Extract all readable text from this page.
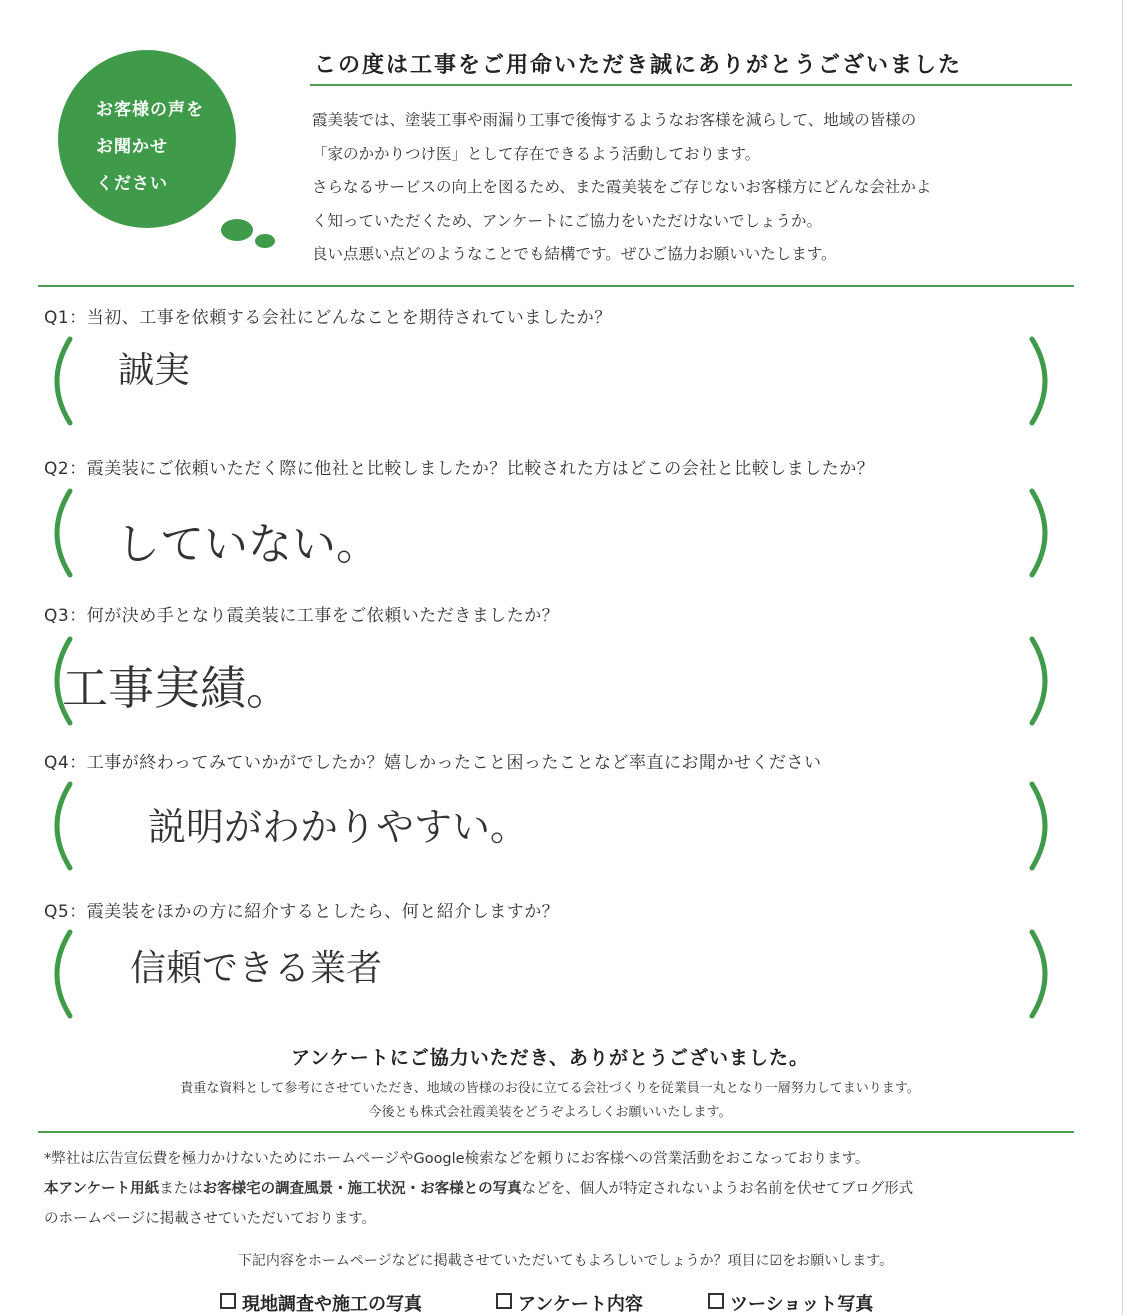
お客様の声を
お聞かせ
ください
この度は工事をご用命いただき誠にありがとうございました
霞美装では、塗装工事や雨漏り工事で後悔するようなお客様を減らして、地域の皆様の
「家のかかりつけ医」として存在できるよう活動しております。
さらなるサービスの向上を図るため、また霞美装をご存じないお客様方にどんな会社かよ
く知っていただくため、アンケートにご協力をいただけないでしょうか。
良い点悪い点どのようなことでも結構です。ぜひご協力お願いいたします。
Q1：当初、工事を依頼する会社にどんなことを期待されていましたか？
誠実
Q2：霞美装にご依頼いただく際に他社と比較しましたか？比較された方はどこの会社と比較しましたか？
していない。
Q3：何が決め手となり霞美装に工事をご依頼いただきましたか？
工事実績。
Q4：工事が終わってみていかがでしたか？嬉しかったこと困ったことなど率直にお聞かせください
説明がわかりやすい。
Q5：霞美装をほかの方に紹介するとしたら、何と紹介しますか？
信頼できる業者
アンケートにご協力いただき、ありがとうございました。
貴重な資料として参考にさせていただき、地域の皆様のお役に立てる会社づくりを従業員一丸となり一層努力してまいります。
今後とも株式会社霞美装をどうぞよろしくお願いいたします。
*弊社は広告宣伝費を極力かけないためにホームページやGoogle検索などを頼りにお客様への営業活動をおこなっております。
本アンケート用紙またはお客様宅の調査風景・施工状況・お客様との写真などを、個人が特定されないようお名前を伏せてブログ形式
のホームページに掲載させていただいております。
下記内容をホームページなどに掲載させていただいてもよろしいでしょうか？項目に☑をお願いします。
現地調査や施工の写真	アンケート内容	ツーショット写真
